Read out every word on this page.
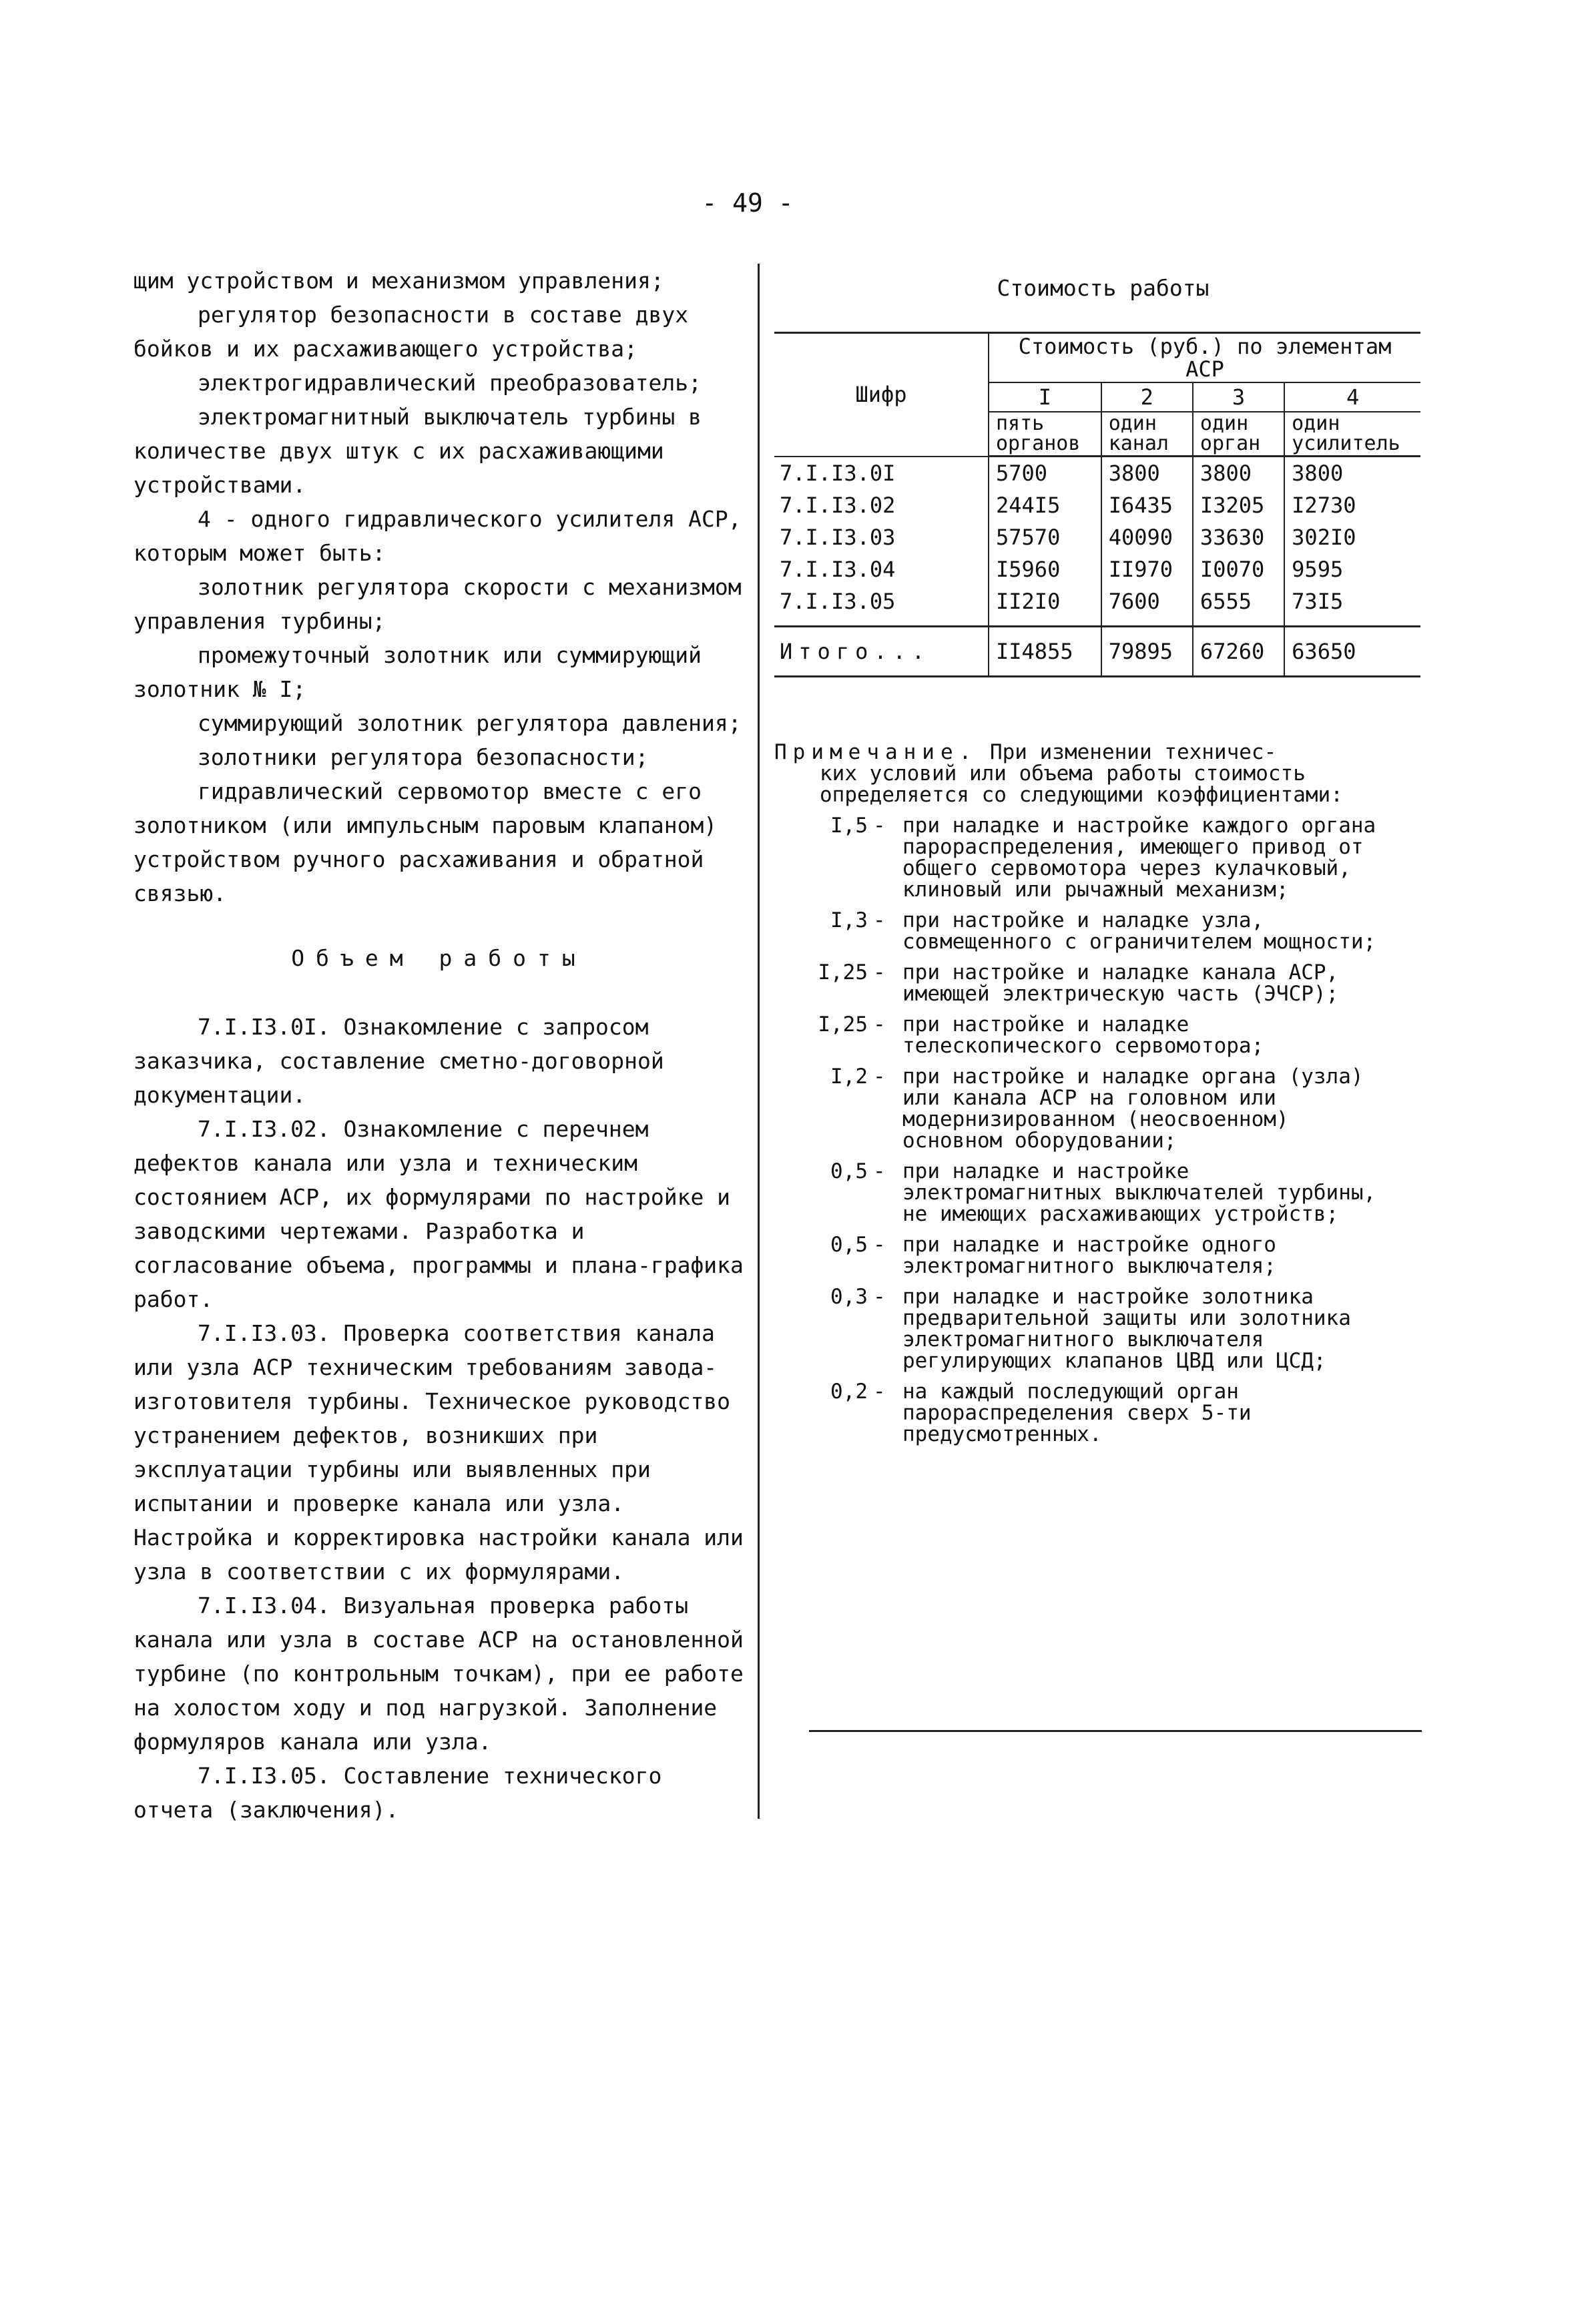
- 49 -

щим устройством и механизмом управления;

регулятор безопасности в составе двух бойков и их расхаживающего устройства;

электрогидравлический преобразователь;

электромагнитный выключатель турбины в количестве двух штук с их расхаживающими устройствами.

4 - одного гидравлического усилителя АСР, которым может быть:

золотник регулятора скорости с механизмом управления турбины;

промежуточный золотник или суммирующий золотник № I;

суммирующий золотник регулятора давления;

золотники регулятора безопасности;

гидравлический сервомотор вместе с его золотником (или импульсным паровым клапаном) устройством ручного расхаживания и обратной связью.

Объем работы

7.I.I3.0I. Ознакомление с запросом заказчика, составление сметно-договорной документации.

7.I.I3.02. Ознакомление с перечнем дефектов канала или узла и техническим состоянием АСР, их формулярами по настройке и заводскими чертежами. Разработка и согласование объема, программы и плана-графика работ.

7.I.I3.03. Проверка соответствия канала или узла АСР техническим требованиям завода-изготовителя турбины. Техническое руководство устранением дефектов, возникших при эксплуатации турбины или выявленных при испытании и проверке канала или узла. Настройка и корректировка настройки канала или узла в соответствии с их формулярами.

7.I.I3.04. Визуальная проверка работы канала или узла в составе АСР на остановленной турбине (по контрольным точкам), при ее работе на холостом ходу и под нагрузкой. Заполнение формуляров канала или узла.

7.I.I3.05. Составление технического отчета (заключения).

Стоимость работы
Шифр	Стоимость (руб.) по элементам АСР			
	I	2	3	4
	пять органов	один канал	один орган	один усилитель
7.I.I3.0I	5700	3800	3800	3800
7.I.I3.02	244I5	I6435	I3205	I2730
7.I.I3.03	57570	40090	33630	302I0
7.I.I3.04	I5960	II970	I0070	9595
7.I.I3.05	II2I0	7600	6555	73I5
Итого...	II4855	79895	67260	63650

Примечание. При изменении техничес-

ких условий или объема работы стоимость определяется со следующими коэффициентами:

I,5 - при наладке и настройке каждого органа парораспределения, имеющего привод от общего сервомотора через кулачковый, клиновый или рычажный механизм;
I,3 - при настройке и наладке узла, совмещенного с ограничителем мощности;
I,25 - при настройке и наладке канала АСР, имеющей электрическую часть (ЭЧСР);
I,25 - при настройке и наладке телескопического сервомотора;
I,2 - при настройке и наладке органа (узла) или канала АСР на головном или модернизированном (неосвоенном) основном оборудовании;
0,5 - при наладке и настройке электромагнитных выключателей турбины, не имеющих расхаживающих устройств;
0,5 - при наладке и настройке одного электромагнитного выключателя;
0,3 - при наладке и настройке золотника предварительной защиты или золотника электромагнитного выключателя регулирующих клапанов ЦВД или ЦСД;
0,2 - на каждый последующий орган парораспределения сверх 5-ти предусмотренных.
